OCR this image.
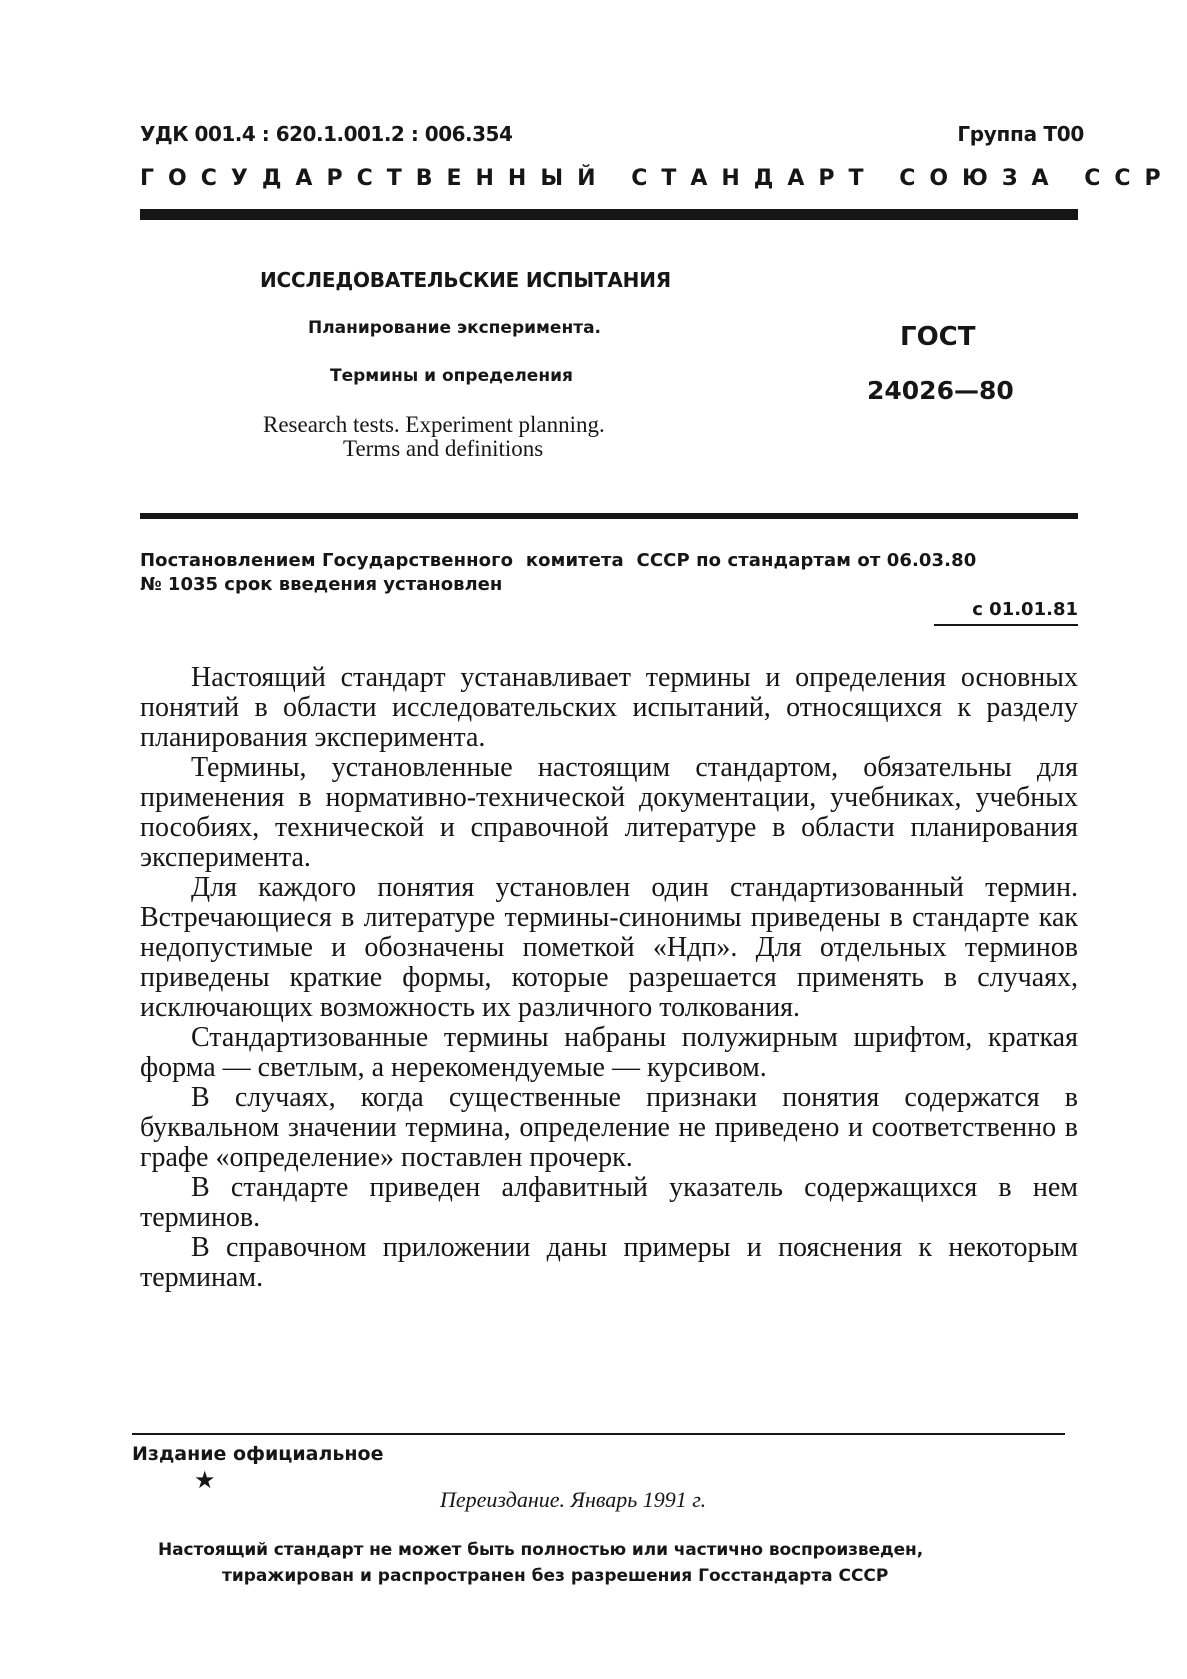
УДК 001.4 : 620.1.001.2 : 006.354	Группа Т00
ГОСУДАРСТВЕННЫЙ СТАНДАРТ СОЮЗА ССР
ИССЛЕДОВАТЕЛЬСКИЕ ИСПЫТАНИЯ
Планирование эксперимента.
Термины и определения
Research tests. Experiment planning.
Terms and definitions
ГОСТ
24026—80
Постановлением Государственного  комитета  СССР по стандартам от 06.03.80
№ 1035 срок введения установлен
с 01.01.81

Настоящий стандарт устанавливает термины и определения основных понятий в области исследовательских испытаний, относящихся к разделу планирования эксперимента.

Термины, установленные настоящим стандартом, обязательны для применения в нормативно-технической документации, учебниках, учебных пособиях, технической и справочной литературе в области планирования эксперимента.

Для каждого понятия установлен один стандартизованный термин. Встречающиеся в литературе термины-синонимы приведены в стандарте как недопустимые и обозначены пометкой «Ндп». Для отдельных терминов приведены краткие формы, которые разрешается применять в случаях, исключающих возможность их различного толкования.

Стандартизованные термины набраны полужирным шрифтом, краткая форма — светлым, а нерекомендуемые — курсивом.

В случаях, когда существенные признаки понятия содержатся в буквальном значении термина, определение не приведено и соответственно в графе «определение» поставлен прочерк.

В стандарте приведен алфавитный указатель содержащихся в нем терминов.

В справочном приложении даны примеры и пояснения к некоторым терминам.

Издание официальное
★
Переиздание. Январь 1991 г.
Настоящий стандарт не может быть полностью или частично воспроизведен,
тиражирован и распространен без разрешения Госстандарта СССР
